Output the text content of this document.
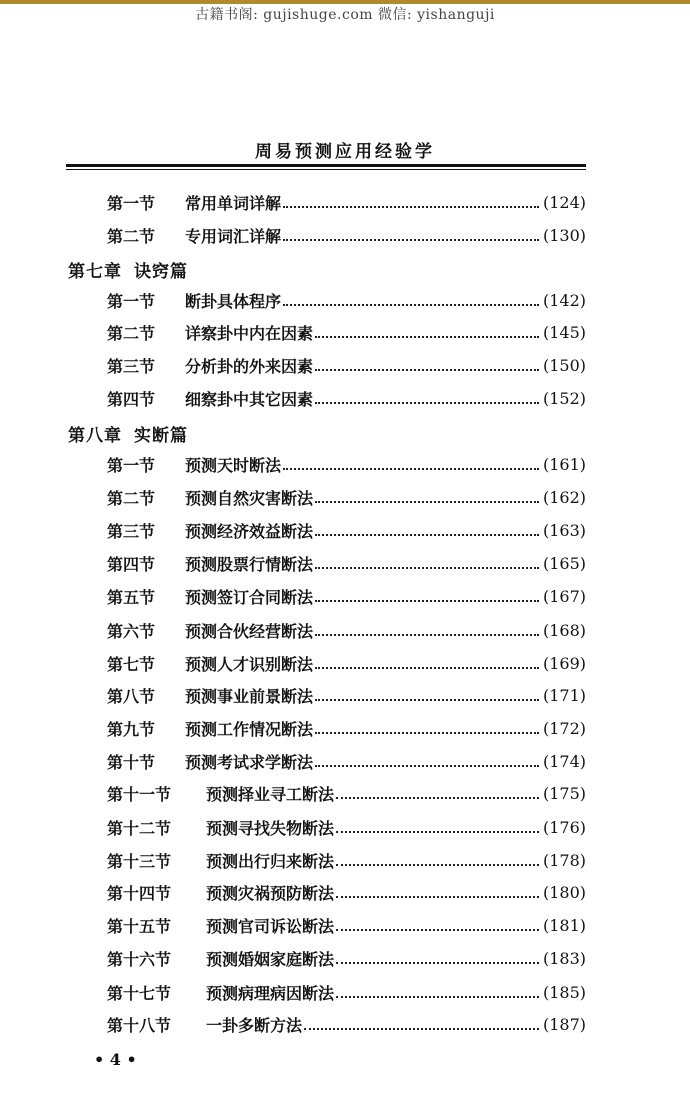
古籍书阁: gujishuge.com 微信: yishanguji
周易预测应用经验学
第一节	常用单词详解	(124)
第二节	专用词汇详解	(130)
第七章 诀窍篇
第一节	断卦具体程序	(142)
第二节	详察卦中内在因素	(145)
第三节	分析卦的外来因素	(150)
第四节	细察卦中其它因素	(152)
第八章 实断篇
第一节	预测天时断法	(161)
第二节	预测自然灾害断法	(162)
第三节	预测经济效益断法	(163)
第四节	预测股票行情断法	(165)
第五节	预测签订合同断法	(167)
第六节	预测合伙经营断法	(168)
第七节	预测人才识别断法	(169)
第八节	预测事业前景断法	(171)
第九节	预测工作情况断法	(172)
第十节	预测考试求学断法	(174)
第十一节	预测择业寻工断法	(175)
第十二节	预测寻找失物断法	(176)
第十三节	预测出行归来断法	(178)
第十四节	预测灾祸预防断法	(180)
第十五节	预测官司诉讼断法	(181)
第十六节	预测婚姻家庭断法	(183)
第十七节	预测病理病因断法	(185)
第十八节	一卦多断方法	(187)
• 4 •
